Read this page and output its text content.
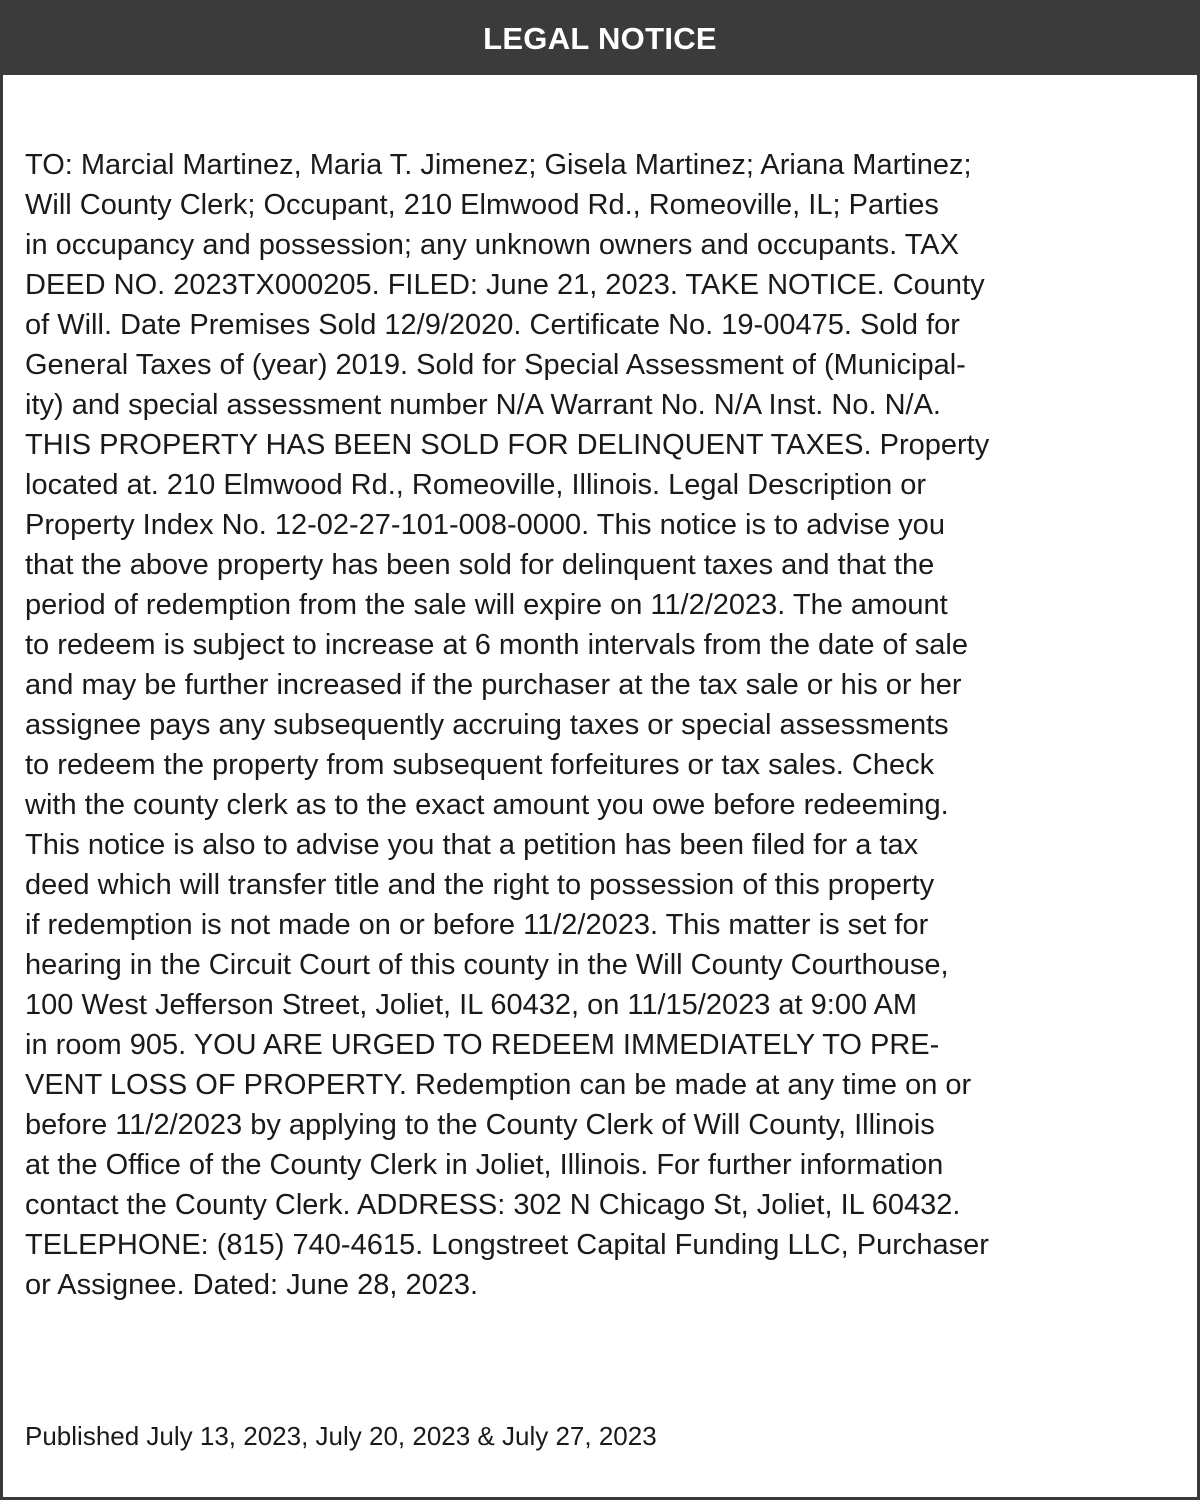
LEGAL NOTICE
TO: Marcial Martinez, Maria T. Jimenez; Gisela Martinez; Ariana Martinez;
Will County Clerk; Occupant, 210 Elmwood Rd., Romeoville, IL; Parties
in occupancy and possession; any unknown owners and occupants. TAX
DEED NO. 2023TX000205. FILED: June 21, 2023. TAKE NOTICE. County
of Will. Date Premises Sold 12/9/2020. Certificate No. 19-00475. Sold for
General Taxes of (year) 2019. Sold for Special Assessment of (Municipal-
ity) and special assessment number N/A Warrant No. N/A Inst. No. N/A.
THIS PROPERTY HAS BEEN SOLD FOR DELINQUENT TAXES. Property
located at. 210 Elmwood Rd., Romeoville, Illinois. Legal Description or
Property Index No. 12-02-27-101-008-0000. This notice is to advise you
that the above property has been sold for delinquent taxes and that the
period of redemption from the sale will expire on 11/2/2023. The amount
to redeem is subject to increase at 6 month intervals from the date of sale
and may be further increased if the purchaser at the tax sale or his or her
assignee pays any subsequently accruing taxes or special assessments
to redeem the property from subsequent forfeitures or tax sales. Check
with the county clerk as to the exact amount you owe before redeeming.
This notice is also to advise you that a petition has been filed for a tax
deed which will transfer title and the right to possession of this property
if redemption is not made on or before 11/2/2023. This matter is set for
hearing in the Circuit Court of this county in the Will County Courthouse,
100 West Jefferson Street, Joliet, IL 60432, on 11/15/2023 at 9:00 AM
in room 905. YOU ARE URGED TO REDEEM IMMEDIATELY TO PRE-
VENT LOSS OF PROPERTY. Redemption can be made at any time on or
before 11/2/2023 by applying to the County Clerk of Will County, Illinois
at the Office of the County Clerk in Joliet, Illinois. For further information
contact the County Clerk. ADDRESS: 302 N Chicago St, Joliet, IL 60432.
TELEPHONE: (815) 740-4615. Longstreet Capital Funding LLC, Purchaser
or Assignee. Dated: June 28, 2023.
Published July 13, 2023, July 20, 2023 & July 27, 2023
